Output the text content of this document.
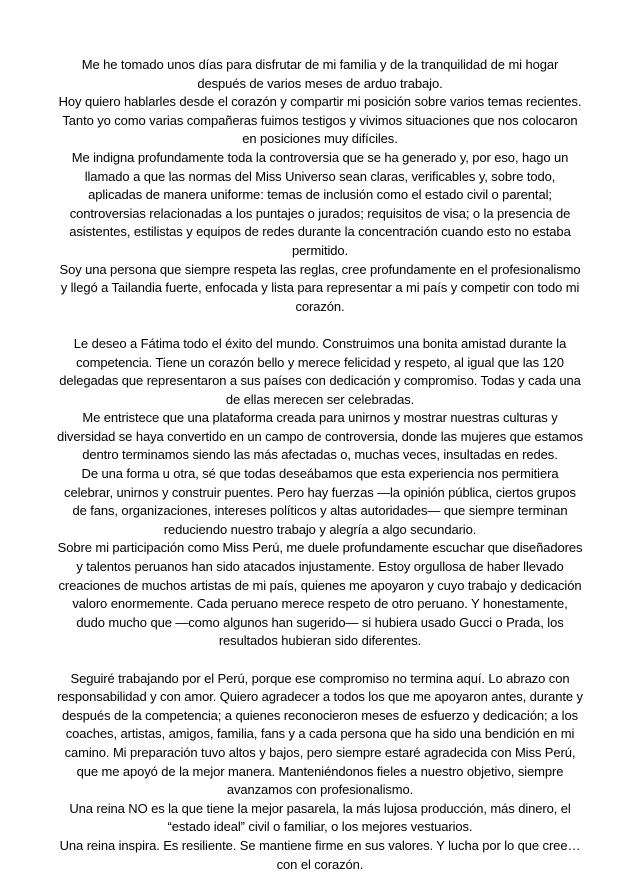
Me he tomado unos días para disfrutar de mi familia y de la tranquilidad de mi hogar después de varios meses de arduo trabajo.

Hoy quiero hablarles desde el corazón y compartir mi posición sobre varios temas recientes.

Tanto yo como varias compañeras fuimos testigos y vivimos situaciones que nos colocaron en posiciones muy difíciles.

Me indigna profundamente toda la controversia que se ha generado y, por eso, hago un llamado a que las normas del Miss Universo sean claras, verificables y, sobre todo, aplicadas de manera uniforme: temas de inclusión como el estado civil o parental; controversias relacionadas a los puntajes o jurados; requisitos de visa; o la presencia de asistentes, estilistas y equipos de redes durante la concentración cuando esto no estaba permitido.

Soy una persona que siempre respeta las reglas, cree profundamente en el profesionalismo y llegó a Tailandia fuerte, enfocada y lista para representar a mi país y competir con todo mi corazón.

Le deseo a Fátima todo el éxito del mundo. Construimos una bonita amistad durante la competencia. Tiene un corazón bello y merece felicidad y respeto, al igual que las 120 delegadas que representaron a sus países con dedicación y compromiso. Todas y cada una de ellas merecen ser celebradas.

Me entristece que una plataforma creada para unirnos y mostrar nuestras culturas y diversidad se haya convertido en un campo de controversia, donde las mujeres que estamos dentro terminamos siendo las más afectadas o, muchas veces, insultadas en redes.

De una forma u otra, sé que todas deseábamos que esta experiencia nos permitiera celebrar, unirnos y construir puentes. Pero hay fuerzas —la opinión pública, ciertos grupos de fans, organizaciones, intereses políticos y altas autoridades— que siempre terminan reduciendo nuestro trabajo y alegría a algo secundario.

Sobre mi participación como Miss Perú, me duele profundamente escuchar que diseñadores y talentos peruanos han sido atacados injustamente. Estoy orgullosa de haber llevado creaciones de muchos artistas de mi país, quienes me apoyaron y cuyo trabajo y dedicación valoro enormemente. Cada peruano merece respeto de otro peruano. Y honestamente, dudo mucho que —como algunos han sugerido— si hubiera usado Gucci o Prada, los resultados hubieran sido diferentes.

Seguiré trabajando por el Perú, porque ese compromiso no termina aquí. Lo abrazo con responsabilidad y con amor. Quiero agradecer a todos los que me apoyaron antes, durante y después de la competencia; a quienes reconocieron meses de esfuerzo y dedicación; a los coaches, artistas, amigos, familia, fans y a cada persona que ha sido una bendición en mi camino. Mi preparación tuvo altos y bajos, pero siempre estaré agradecida con Miss Perú, que me apoyó de la mejor manera. Manteniéndonos fieles a nuestro objetivo, siempre avanzamos con profesionalismo.

Una reina NO es la que tiene la mejor pasarela, la más lujosa producción, más dinero, el “estado ideal” civil o familiar, o los mejores vestuarios.

Una reina inspira. Es resiliente. Se mantiene firme en sus valores. Y lucha por lo que cree… con el corazón.
